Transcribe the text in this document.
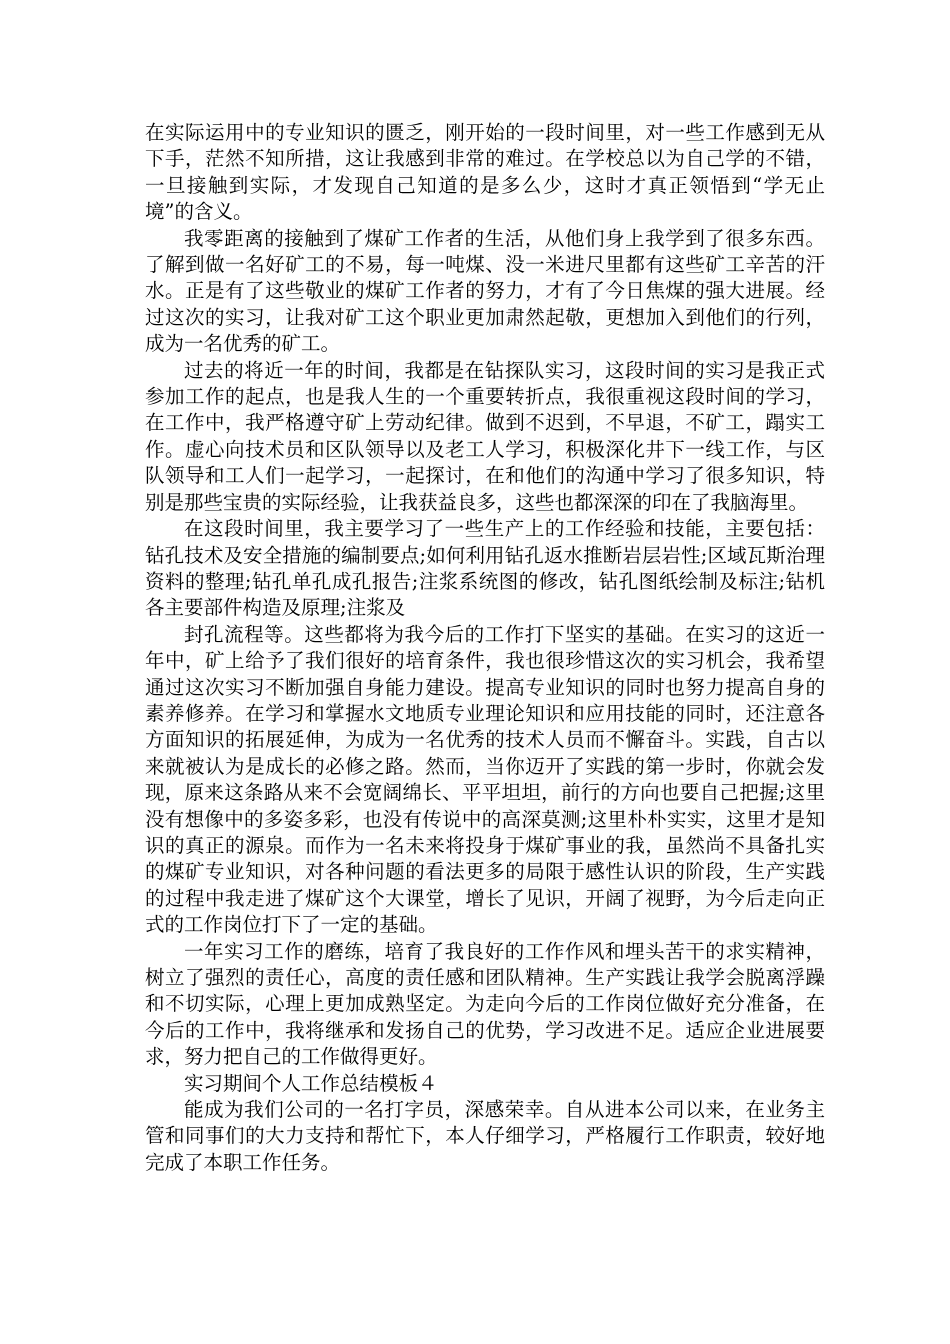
在实际运用中的专业知识的匮乏，刚开始的一段时间里，对一些工作感到无从下手，茫然不知所措，这让我感到非常的难过。在学校总以为自己学的不错，一旦接触到实际，才发现自己知道的是多么少，这时才真正领悟到“学无止境”的含义。

我零距离的接触到了煤矿工作者的生活，从他们身上我学到了很多东西。了解到做一名好矿工的不易，每一吨煤、没一米进尺里都有这些矿工辛苦的汗水。正是有了这些敬业的煤矿工作者的努力，才有了今日焦煤的强大进展。经过这次的实习，让我对矿工这个职业更加肃然起敬，更想加入到他们的行列，成为一名优秀的矿工。

过去的将近一年的时间，我都是在钻探队实习，这段时间的实习是我正式参加工作的起点，也是我人生的一个重要转折点，我很重视这段时间的学习，在工作中，我严格遵守矿上劳动纪律。做到不迟到，不早退，不矿工，蹋实工作。虚心向技术员和区队领导以及老工人学习，积极深化井下一线工作，与区队领导和工人们一起学习，一起探讨，在和他们的沟通中学习了很多知识，特别是那些宝贵的实际经验，让我获益良多，这些也都深深的印在了我脑海里。

在这段时间里，我主要学习了一些生产上的工作经验和技能，主要包括：钻孔技术及安全措施的编制要点;如何利用钻孔返水推断岩层岩性;区域瓦斯治理资料的整理;钻孔单孔成孔报告;注浆系统图的修改，钻孔图纸绘制及标注;钻机各主要部件构造及原理;注浆及

封孔流程等。这些都将为我今后的工作打下坚实的基础。在实习的这近一年中，矿上给予了我们很好的培育条件，我也很珍惜这次的实习机会，我希望通过这次实习不断加强自身能力建设。提高专业知识的同时也努力提高自身的素养修养。在学习和掌握水文地质专业理论知识和应用技能的同时，还注意各方面知识的拓展延伸，为成为一名优秀的技术人员而不懈奋斗。实践，自古以来就被认为是成长的必修之路。然而，当你迈开了实践的第一步时，你就会发现，原来这条路从来不会宽阔绵长、平平坦坦，前行的方向也要自己把握;这里没有想像中的多姿多彩，也没有传说中的高深莫测;这里朴朴实实，这里才是知识的真正的源泉。而作为一名未来将投身于煤矿事业的我，虽然尚不具备扎实的煤矿专业知识，对各种问题的看法更多的局限于感性认识的阶段，生产实践的过程中我走进了煤矿这个大课堂，增长了见识，开阔了视野，为今后走向正式的工作岗位打下了一定的基础。

一年实习工作的磨练，培育了我良好的工作作风和埋头苦干的求实精神，树立了强烈的责任心，高度的责任感和团队精神。生产实践让我学会脱离浮躁和不切实际，心理上更加成熟坚定。为走向今后的工作岗位做好充分准备，在今后的工作中，我将继承和发扬自己的优势，学习改进不足。适应企业进展要求，努力把自己的工作做得更好。

实习期间个人工作总结模板４

能成为我们公司的一名打字员，深感荣幸。自从进本公司以来，在业务主管和同事们的大力支持和帮忙下，本人仔细学习，严格履行工作职责，较好地完成了本职工作任务。
